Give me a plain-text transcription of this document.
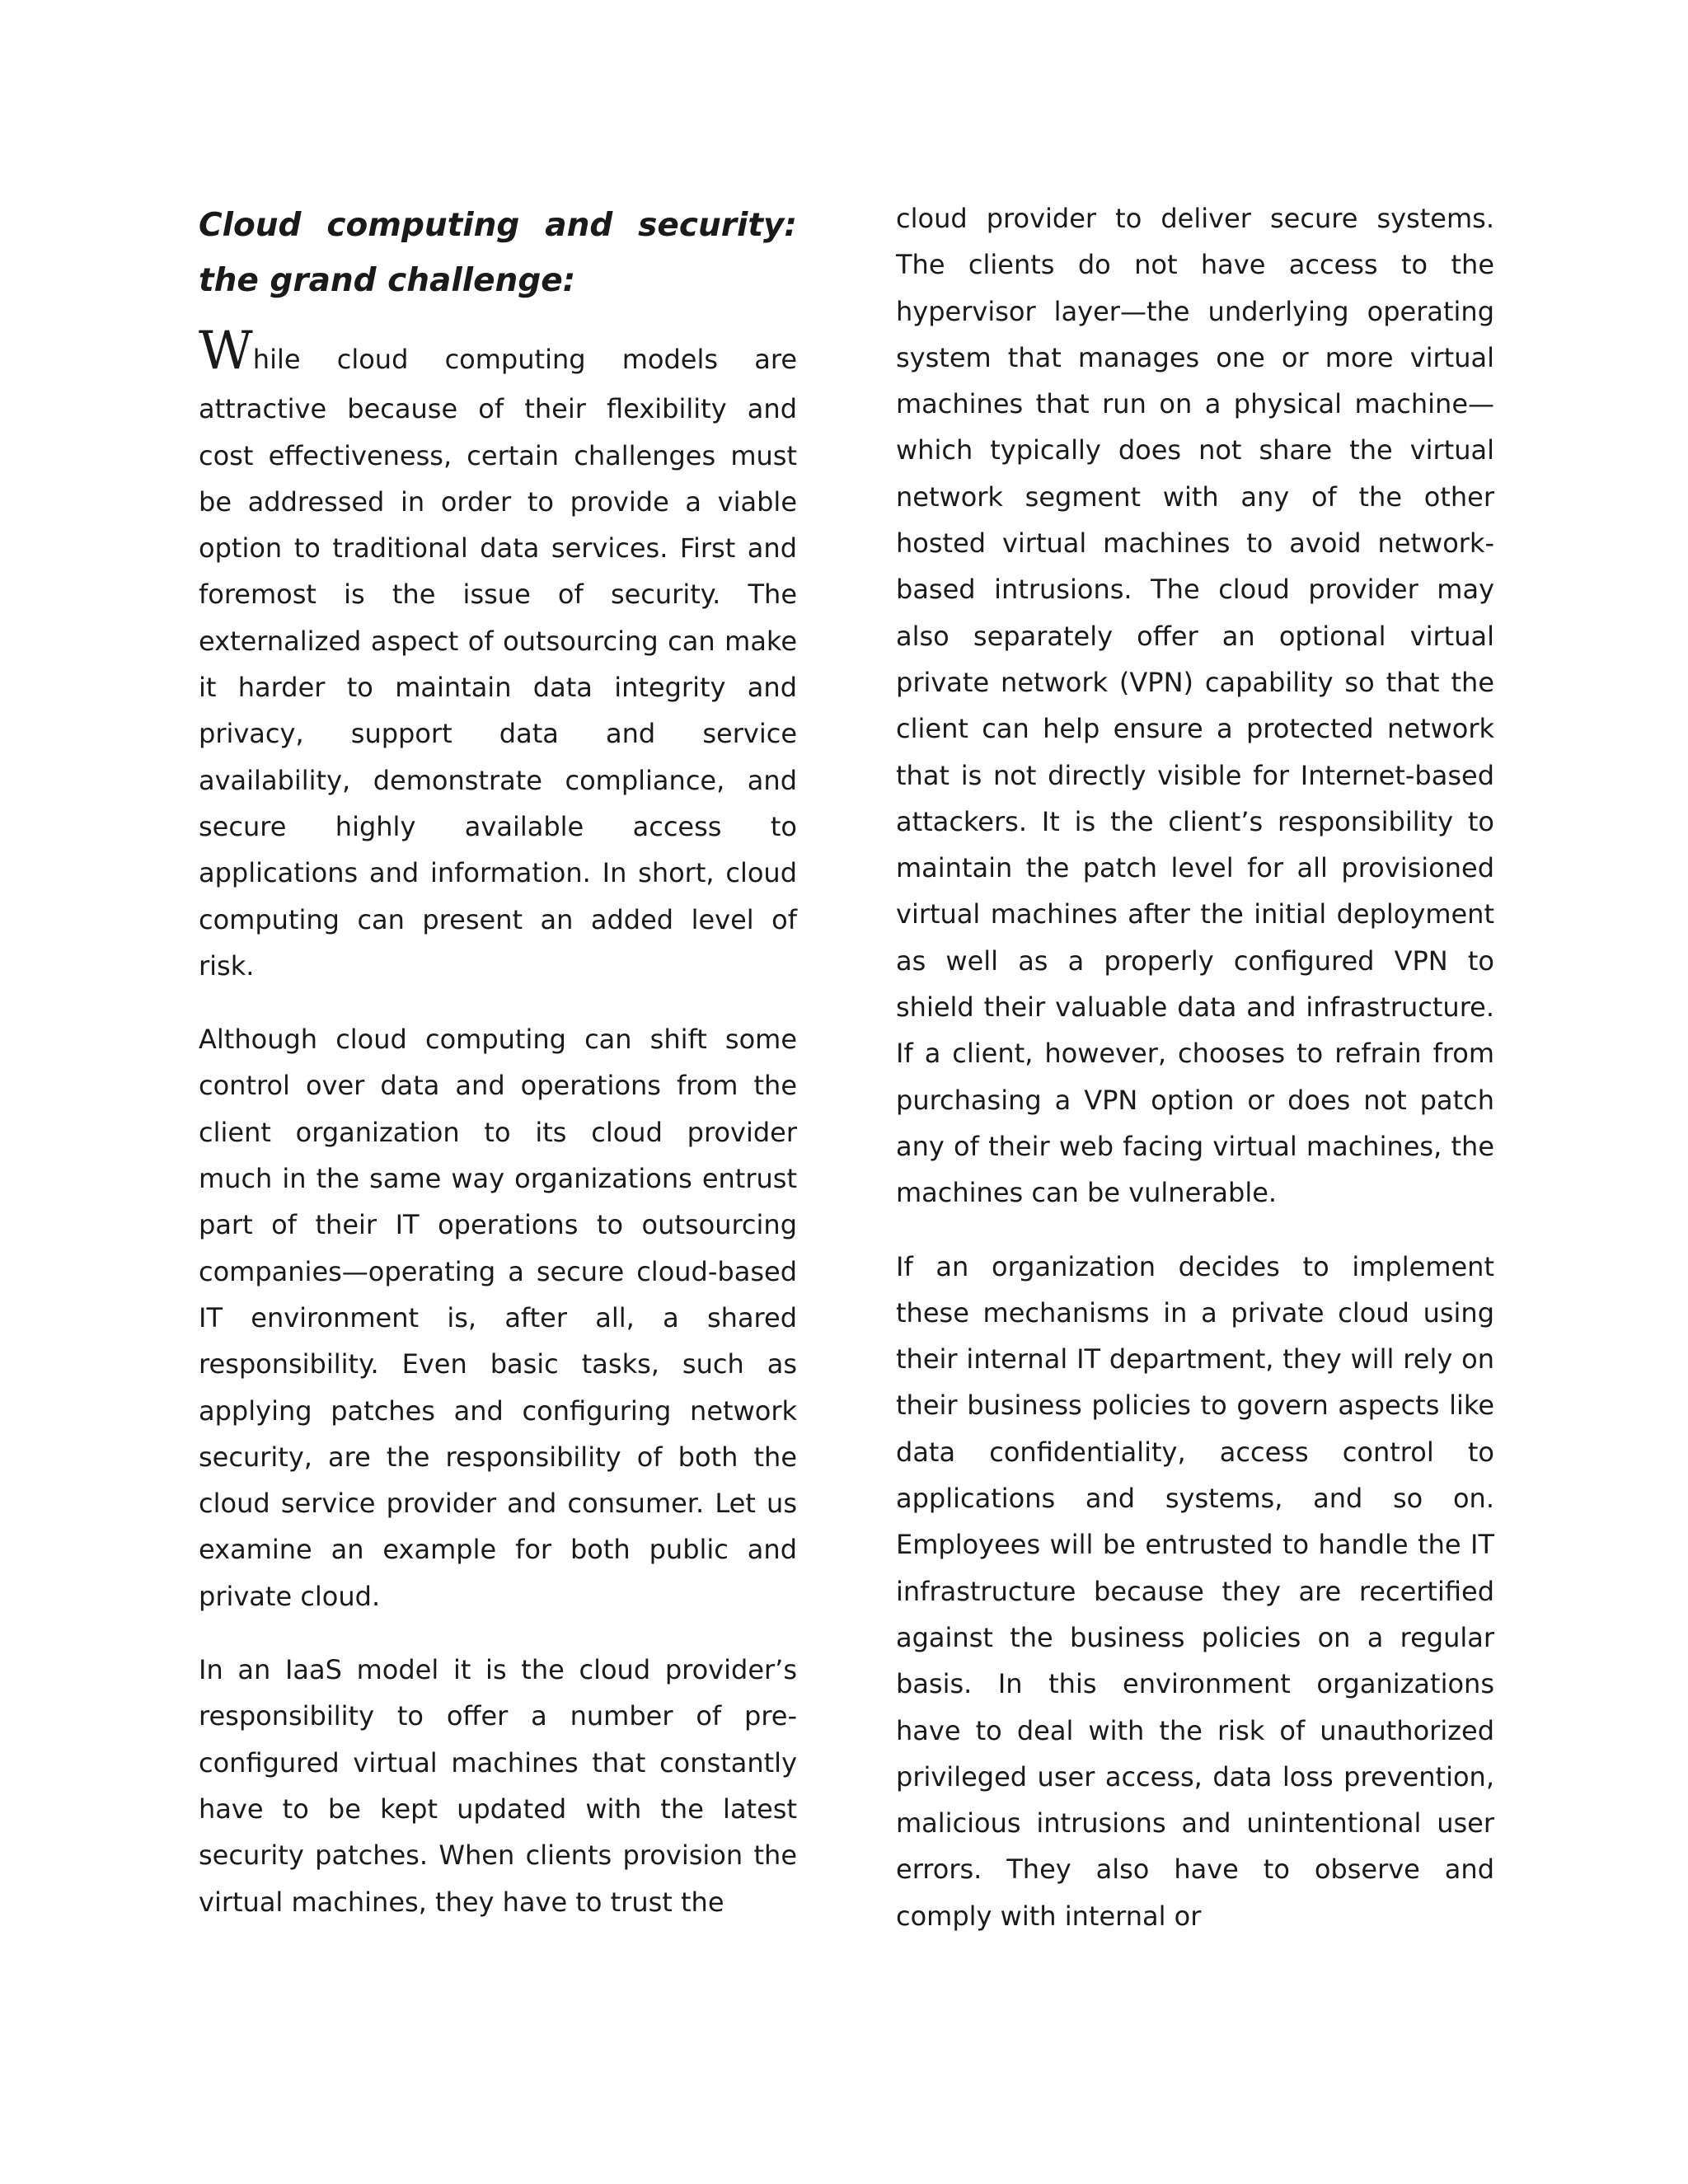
Cloud computing and security: the grand challenge:
While cloud computing models are

attractive because of their flexibility and cost effectiveness, certain challenges must be addressed in order to provide a viable option to traditional data services. First and foremost is the issue of security. The externalized aspect of outsourcing can make it harder to maintain data integrity and privacy, support data and service availability, demonstrate compliance, and secure highly available access to applications and information. In short, cloud computing can present an added level of risk.

Although cloud computing can shift some control over data and operations from the client organization to its cloud provider much in the same way organizations entrust part of their IT operations to outsourcing companies—operating a secure cloud-based IT environment is, after all, a shared responsibility. Even basic tasks, such as applying patches and configuring network security, are the responsibility of both the cloud service provider and consumer. Let us examine an example for both public and private cloud.

In an IaaS model it is the cloud provider’s responsibility to offer a number of pre-configured virtual machines that constantly have to be kept updated with the latest security patches. When clients provision the virtual machines, they have to trust the

cloud provider to deliver secure systems. The clients do not have access to the hypervisor layer—the underlying operating system that manages one or more virtual machines that run on a physical machine—which typically does not share the virtual network segment with any of the other hosted virtual machines to avoid network-based intrusions. The cloud provider may also separately offer an optional virtual private network (VPN) capability so that the client can help ensure a protected network that is not directly visible for Internet-based attackers. It is the client’s responsibility to maintain the patch level for all provisioned virtual machines after the initial deployment as well as a properly configured VPN to shield their valuable data and infrastructure. If a client, however, chooses to refrain from purchasing a VPN option or does not patch any of their web facing virtual machines, the machines can be vulnerable.

If an organization decides to implement these mechanisms in a private cloud using their internal IT department, they will rely on their business policies to govern aspects like data confidentiality, access control to applications and systems, and so on. Employees will be entrusted to handle the IT infrastructure because they are recertified against the business policies on a regular basis. In this environment organizations have to deal with the risk of unauthorized privileged user access, data loss prevention, malicious intrusions and unintentional user errors. They also have to observe and comply with internal or
